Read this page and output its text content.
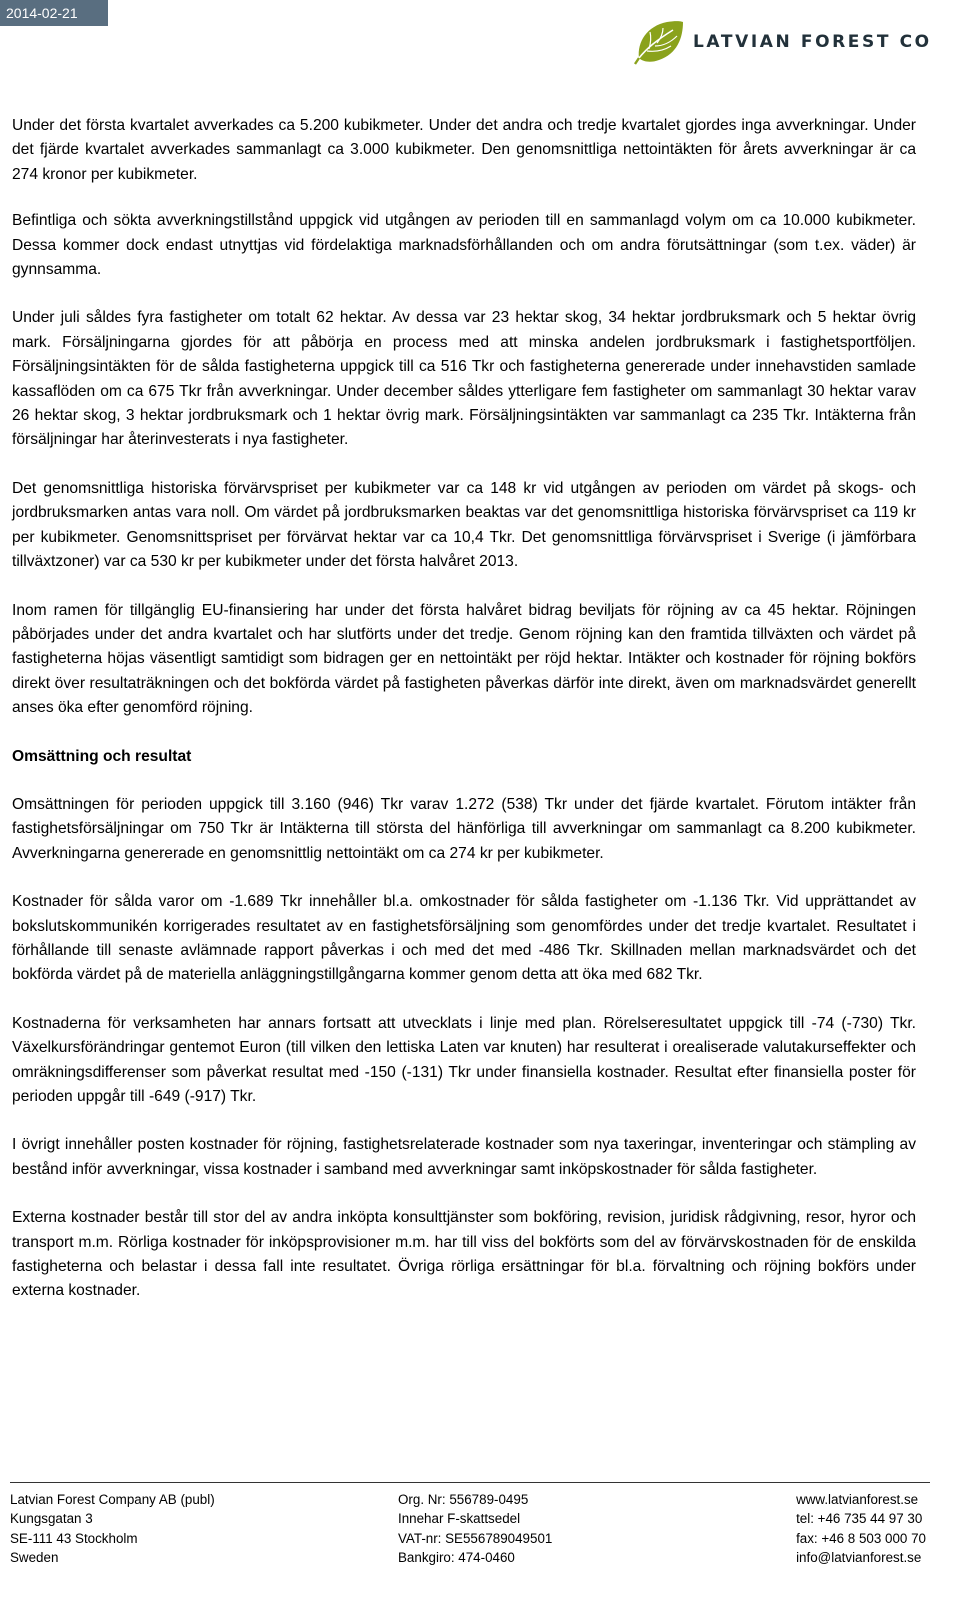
2014-02-21
LATVIAN FOREST CO

Under det första kvartalet avverkades ca 5.200 kubikmeter. Under det andra och tredje kvartalet gjordes inga avverkningar. Under det fjärde kvartalet avverkades sammanlagt ca 3.000 kubikmeter. Den genomsnittliga nettointäkten för årets avverkningar är ca 274 kronor per kubikmeter.

Befintliga och sökta avverkningstillstånd uppgick vid utgången av perioden till en sammanlagd volym om ca 10.000 kubikmeter. Dessa kommer dock endast utnyttjas vid fördelaktiga marknadsförhållanden och om andra förutsättningar (som t.ex. väder) är gynnsamma.

Under juli såldes fyra fastigheter om totalt 62 hektar. Av dessa var 23 hektar skog, 34 hektar jordbruksmark och 5 hektar övrig mark. Försäljningarna gjordes för att påbörja en process med att minska andelen jordbruksmark i fastighetsportföljen. Försäljningsintäkten för de sålda fastigheterna uppgick till ca 516 Tkr och fastigheterna genererade under innehavstiden samlade kassaflöden om ca 675 Tkr från avverkningar. Under december såldes ytterligare fem fastigheter om sammanlagt 30 hektar varav 26 hektar skog, 3 hektar jordbruksmark och 1 hektar övrig mark. Försäljningsintäkten var sammanlagt ca 235 Tkr. Intäkterna från försäljningar har återinvesterats i nya fastigheter.

Det genomsnittliga historiska förvärvspriset per kubikmeter var ca 148 kr vid utgången av perioden om värdet på skogs- och jordbruksmarken antas vara noll. Om värdet på jordbruksmarken beaktas var det genomsnittliga historiska förvärvspriset ca 119 kr per kubikmeter. Genomsnittspriset per förvärvat hektar var ca 10,4 Tkr. Det genomsnittliga förvärvspriset i Sverige (i jämförbara tillväxtzoner) var ca 530 kr per kubikmeter under det första halvåret 2013.

Inom ramen för tillgänglig EU-finansiering har under det första halvåret bidrag beviljats för röjning av ca 45 hektar. Röjningen påbörjades under det andra kvartalet och har slutförts under det tredje. Genom röjning kan den framtida tillväxten och värdet på fastigheterna höjas väsentligt samtidigt som bidragen ger en nettointäkt per röjd hektar. Intäkter och kostnader för röjning bokförs direkt över resultaträkningen och det bokförda värdet på fastigheten påverkas därför inte direkt, även om marknadsvärdet generellt anses öka efter genomförd röjning.

Omsättning och resultat

Omsättningen för perioden uppgick till 3.160 (946) Tkr varav 1.272 (538) Tkr under det fjärde kvartalet. Förutom intäkter från fastighetsförsäljningar om 750 Tkr är Intäkterna till största del hänförliga till avverkningar om sammanlagt ca 8.200 kubikmeter. Avverkningarna genererade en genomsnittlig nettointäkt om ca 274 kr per kubikmeter.

Kostnader för sålda varor om -1.689 Tkr innehåller bl.a. omkostnader för sålda fastigheter om -1.136 Tkr. Vid upprättandet av bokslutskommunikén korrigerades resultatet av en fastighetsförsäljning som genomfördes under det tredje kvartalet. Resultatet i förhållande till senaste avlämnade rapport påverkas i och med det med -486 Tkr. Skillnaden mellan marknadsvärdet och det bokförda värdet på de materiella anläggningstillgångarna kommer genom detta att öka med 682 Tkr.

Kostnaderna för verksamheten har annars fortsatt att utvecklats i linje med plan. Rörelseresultatet uppgick till -74 (-730) Tkr. Växelkursförändringar gentemot Euron (till vilken den lettiska Laten var knuten) har resulterat i orealiserade valutakurseffekter och omräkningsdifferenser som påverkat resultat med -150 (-131) Tkr under finansiella kostnader. Resultat efter finansiella poster för perioden uppgår till -649 (-917) Tkr.

I övrigt innehåller posten kostnader för röjning, fastighetsrelaterade kostnader som nya taxeringar, inventeringar och stämpling av bestånd inför avverkningar, vissa kostnader i samband med avverkningar samt inköpskostnader för sålda fastigheter.

Externa kostnader består till stor del av andra inköpta konsulttjänster som bokföring, revision, juridisk rådgivning, resor, hyror och transport m.m. Rörliga kostnader för inköpsprovisioner m.m. har till viss del bokförts som del av förvärvskostnaden för de enskilda fastigheterna och belastar i dessa fall inte resultatet. Övriga rörliga ersättningar för bl.a. förvaltning och röjning bokförs under externa kostnader.

Latvian Forest Company AB (publ)
Kungsgatan 3
SE-111 43 Stockholm
Sweden
Org. Nr: 556789-0495
Innehar F-skattsedel
VAT-nr: SE556789049501
Bankgiro: 474-0460
www.latvianforest.se
tel: +46 735 44 97 30
fax: +46 8 503 000 70
info@latvianforest.se
